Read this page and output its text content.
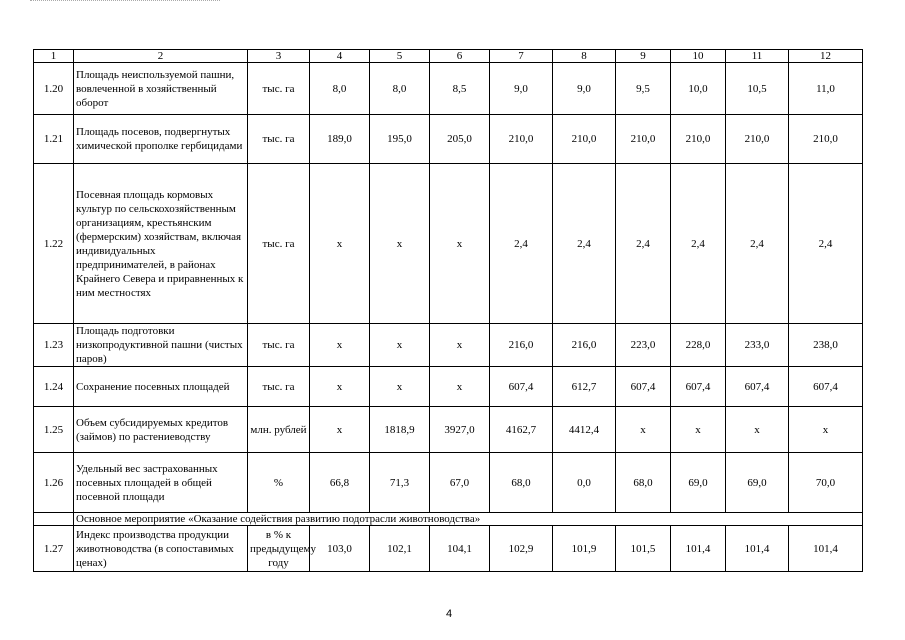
1	2	3	4	5	6	7	8	9	10	11	12
1.20	Площадь неиспользуемой пашни, вовлеченной в хозяйственный оборот	тыс. га	8,0	8,0	8,5	9,0	9,0	9,5	10,0	10,5	11,0
1.21	Площадь посевов, подвергнутых химической прополке гербицидами	тыс. га	189,0	195,0	205,0	210,0	210,0	210,0	210,0	210,0	210,0
1.22	Посевная площадь кормовых культур по сельскохозяйственным организациям, крестьянским (фермерским) хозяйствам, включая индивидуальных предпринимателей, в районах Крайнего Севера и приравненных к ним местностях	тыс. га	х	х	х	2,4	2,4	2,4	2,4	2,4	2,4
1.23	Площадь подготовки низкопродуктивной пашни (чистых паров)	тыс. га	х	х	х	216,0	216,0	223,0	228,0	233,0	238,0
1.24	Сохранение посевных площадей	тыс. га	х	х	х	607,4	612,7	607,4	607,4	607,4	607,4
1.25	Объем субсидируемых кредитов (займов) по растениеводству	млн. рублей	х	1818,9	3927,0	4162,7	4412,4	х	х	х	х
1.26	Удельный вес застрахованных посевных площадей в общей посевной площади	%	66,8	71,3	67,0	68,0	0,0	68,0	69,0	69,0	70,0
	Основное мероприятие «Оказание содействия развитию подотрасли животноводства»										
1.27	Индекс производства продукции животноводства (в сопоставимых ценах)	в % к предыдущему году	103,0	102,1	104,1	102,9	101,9	101,5	101,4	101,4	101,4
4
